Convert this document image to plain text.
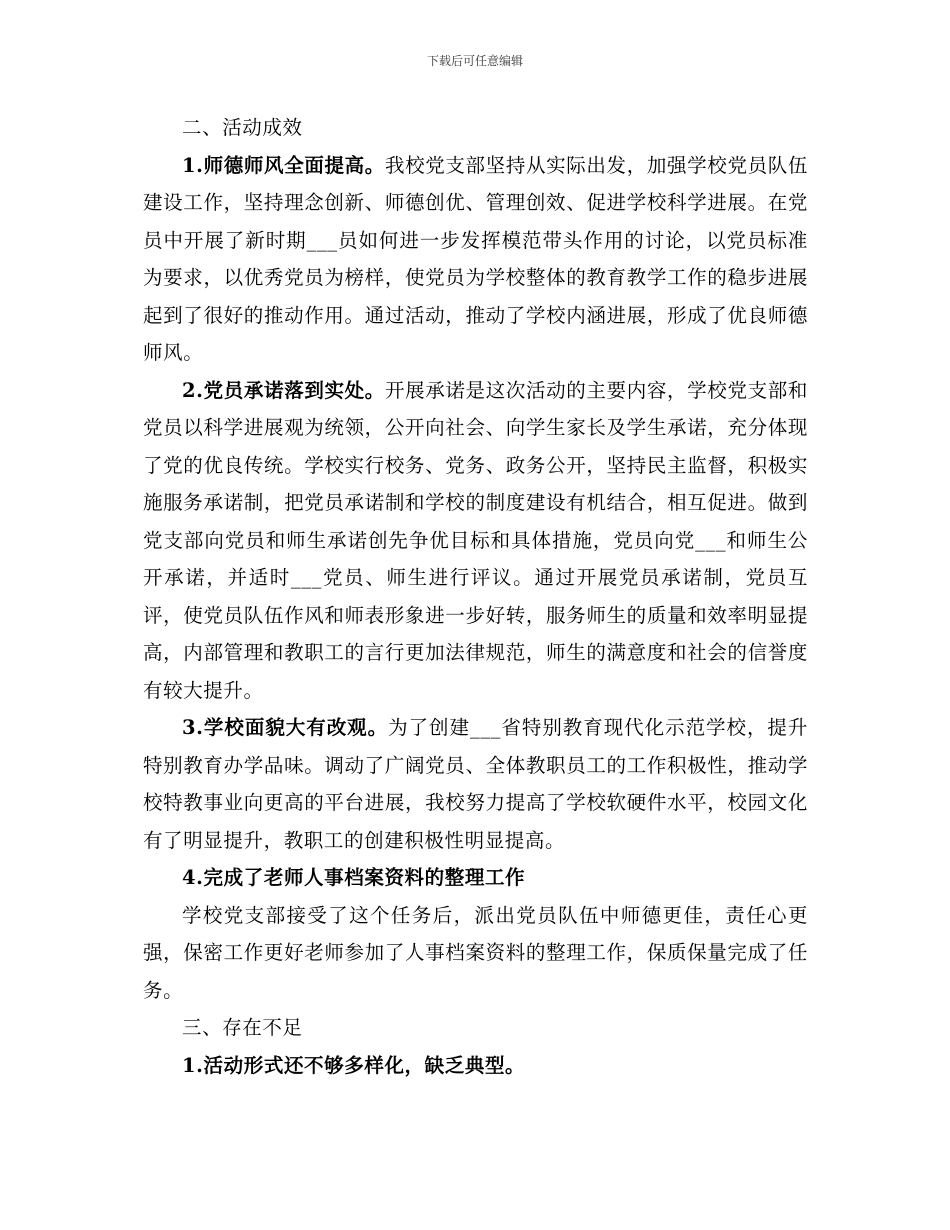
下载后可任意编辑

二、活动成效

1.师德师风全面提高。我校党支部坚持从实际出发，加强学校党员队伍建设工作，坚持理念创新、师德创优、管理创效、促进学校科学进展。在党员中开展了新时期___员如何进一步发挥模范带头作用的讨论，以党员标准为要求，以优秀党员为榜样，使党员为学校整体的教育教学工作的稳步进展起到了很好的推动作用。通过活动，推动了学校内涵进展，形成了优良师德师风。

2.党员承诺落到实处。开展承诺是这次活动的主要内容，学校党支部和党员以科学进展观为统领，公开向社会、向学生家长及学生承诺，充分体现了党的优良传统。学校实行校务、党务、政务公开，坚持民主监督，积极实施服务承诺制，把党员承诺制和学校的制度建设有机结合，相互促进。做到党支部向党员和师生承诺创先争优目标和具体措施，党员向党___和师生公开承诺，并适时___党员、师生进行评议。通过开展党员承诺制，党员互评，使党员队伍作风和师表形象进一步好转，服务师生的质量和效率明显提高，内部管理和教职工的言行更加法律规范，师生的满意度和社会的信誉度有较大提升。

3.学校面貌大有改观。为了创建___省特别教育现代化示范学校，提升特别教育办学品味。调动了广阔党员、全体教职员工的工作积极性，推动学校特教事业向更高的平台进展，我校努力提高了学校软硬件水平，校园文化有了明显提升，教职工的创建积极性明显提高。

4.完成了老师人事档案资料的整理工作

学校党支部接受了这个任务后，派出党员队伍中师德更佳，责任心更强，保密工作更好老师参加了人事档案资料的整理工作，保质保量完成了任务。

三、存在不足

1.活动形式还不够多样化，缺乏典型。
